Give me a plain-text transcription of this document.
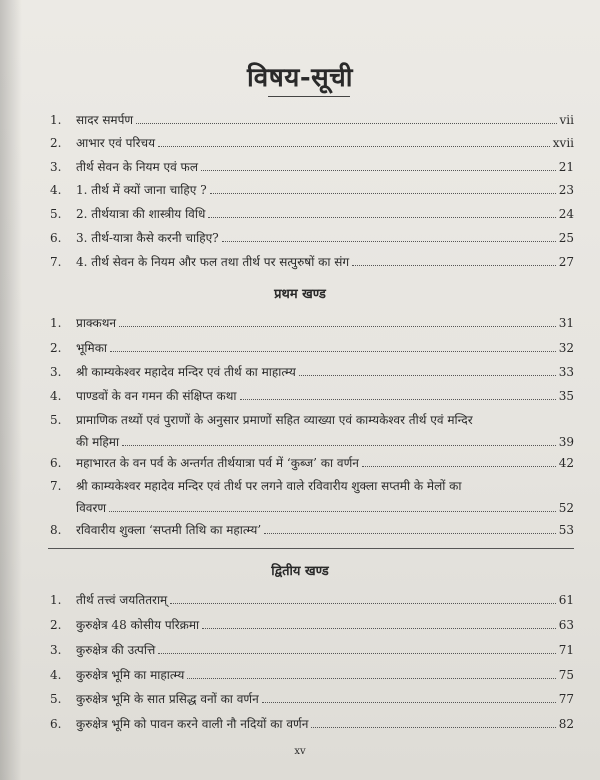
विषय-सूची
1.	सादर समर्पण	vii
2.	आभार एवं परिचय	xvii
3.	तीर्थ सेवन के नियम एवं फल	21
4.	1. तीर्थ में क्यों जाना चाहिए ?	23
5.	2. तीर्थयात्रा की शास्त्रीय विधि	24
6.	3. तीर्थ-यात्रा कैसे करनी चाहिए?	25
7.	4. तीर्थ सेवन के नियम और फल तथा तीर्थ पर सत्पुरुषों का संग	27
प्रथम खण्ड
1.	प्राक्कथन	31
2.	भूमिका	32
3.	श्री काम्यकेश्वर महादेव मन्दिर एवं तीर्थ का माहात्म्य	33
4.	पाण्डवों के वन गमन की संक्षिप्त कथा	35
5.	प्रामाणिक तथ्यों एवं पुराणों के अनुसार प्रमाणों सहित व्याख्या एवं काम्यकेश्वर तीर्थ एवं मन्दिर
की महिमा	39
6.	महाभारत के वन पर्व के अन्तर्गत तीर्थयात्रा पर्व में ‘कुब्ज’ का वर्णन	42
7.	श्री काम्यकेश्वर महादेव मन्दिर एवं तीर्थ पर लगने वाले रविवारीय शुक्ला सप्तमी के मेलों का
विवरण	52
8.	रविवारीय शुक्ला ‘सप्तमी तिथि का महात्म्य’	53
द्वितीय खण्ड
1.	तीर्थ तत्त्वं जयतितराम्	61
2.	कुरुक्षेत्र 48 कोसीय परिक्रमा	63
3.	कुरुक्षेत्र की उत्पत्ति	71
4.	कुरुक्षेत्र भूमि का माहात्म्य	75
5.	कुरुक्षेत्र भूमि के सात प्रसिद्ध वनों का वर्णन	77
6.	कुरुक्षेत्र भूमि को पावन करने वाली नौ नदियों का वर्णन	82
xv
